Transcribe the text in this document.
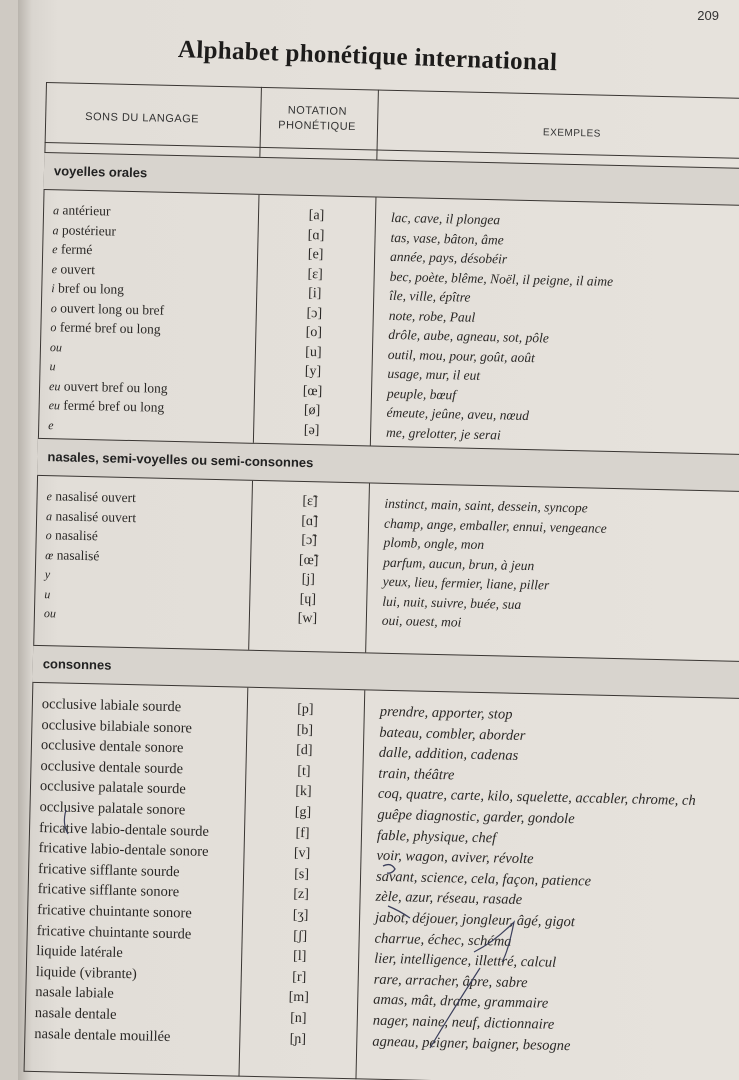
209
Alphabet phonétique international
SONS DU LANGAGE	NOTATION
PHONÉTIQUE
EXEMPLES
voyelles orales
a antérieur
a postérieur
e fermé
e ouvert
i bref ou long
o ouvert long ou bref
o fermé bref ou long
ou
u
eu ouvert bref ou long
eu fermé bref ou long
e
[a]
[ɑ]
[e]
[ɛ]
[i]
[ɔ]
[o]
[u]
[y]
[œ]
[ø]
[ə]
lac, cave, il plongea
tas, vase, bâton, âme
année, pays, désobéir
bec, poète, blême, Noël, il peigne, il aime
île, ville, épître
note, robe, Paul
drôle, aube, agneau, sot, pôle
outil, mou, pour, goût, août
usage, mur, il eut
peuple, bœuf
émeute, jeûne, aveu, nœud
me, grelotter, je serai
nasales, semi-voyelles ou semi-consonnes
e nasalisé ouvert
a nasalisé ouvert
o nasalisé
œ nasalisé
y
u
ou
[ɛ̃]
[ɑ̃]
[ɔ̃]
[œ̃]
[j]
[ɥ]
[w]
instinct, main, saint, dessein, syncope
champ, ange, emballer, ennui, vengeance
plomb, ongle, mon
parfum, aucun, brun, à jeun
yeux, lieu, fermier, liane, piller
lui, nuit, suivre, buée, sua
oui, ouest, moi
consonnes
occlusive labiale sourde
occlusive bilabiale sonore
occlusive dentale sonore
occlusive dentale sourde
occlusive palatale sourde
occlusive palatale sonore
fricative labio-dentale sourde
fricative labio-dentale sonore
fricative sifflante sourde
fricative sifflante sonore
fricative chuintante sonore
fricative chuintante sourde
liquide latérale
liquide (vibrante)
nasale labiale
nasale dentale
nasale dentale mouillée
[p]
[b]
[d]
[t]
[k]
[g]
[f]
[v]
[s]
[z]
[ʒ]
[ʃ]
[l]
[r]
[m]
[n]
[ɲ]
prendre, apporter, stop
bateau, combler, aborder
dalle, addition, cadenas
train, théâtre
coq, quatre, carte, kilo, squelette, accabler, chrome, ch
guêpe diagnostic, garder, gondole
fable, physique, chef
voir, wagon, aviver, révolte
savant, science, cela, façon, patience
zèle, azur, réseau, rasade
jabot, déjouer, jongleur, âgé, gigot
charrue, échec, schéma
lier, intelligence, illettré, calcul
rare, arracher, âpre, sabre
amas, mât, drame, grammaire
nager, naine, neuf, dictionnaire
agneau, peigner, baigner, besogne
